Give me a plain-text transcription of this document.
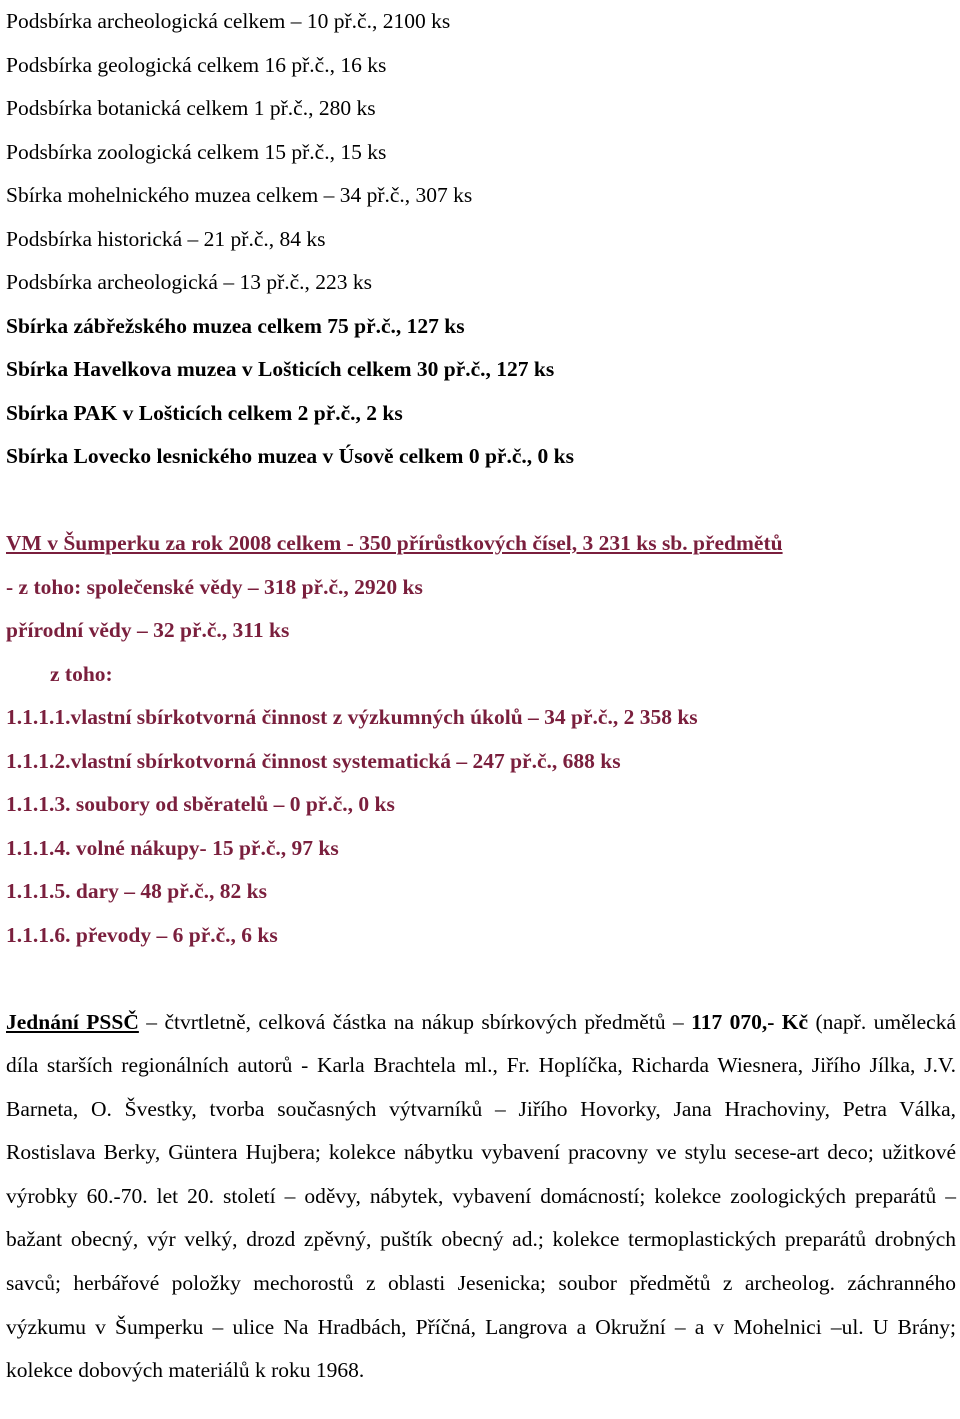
Podsbírka archeologická celkem – 10 př.č., 2100 ks
Podsbírka geologická celkem 16 př.č., 16 ks
Podsbírka botanická celkem 1 př.č., 280 ks
Podsbírka zoologická celkem 15 př.č., 15 ks
Sbírka mohelnického muzea celkem – 34 př.č., 307 ks
Podsbírka historická – 21 př.č., 84 ks
Podsbírka archeologická – 13 př.č., 223 ks
Sbírka zábřežského muzea celkem 75 př.č., 127 ks
Sbírka Havelkova muzea v Lošticích celkem 30 př.č., 127 ks
Sbírka PAK v Lošticích celkem 2 př.č., 2 ks
Sbírka Lovecko lesnického muzea v Úsově celkem 0 př.č., 0 ks
VM v Šumperku za rok 2008 celkem - 350 přírůstkových čísel, 3 231 ks sb. předmětů
- z toho: společenské vědy – 318 př.č., 2920 ks
přírodní vědy – 32 př.č., 311 ks
z toho:
1.1.1.1.vlastní sbírkotvorná činnost z výzkumných úkolů – 34 př.č., 2 358 ks
1.1.1.2.vlastní sbírkotvorná činnost systematická – 247 př.č., 688 ks
1.1.1.3. soubory od sběratelů – 0 př.č., 0 ks
1.1.1.4. volné nákupy- 15 př.č., 97 ks
1.1.1.5. dary – 48 př.č., 82 ks
1.1.1.6. převody – 6 př.č., 6 ks
Jednání PSSČ – čtvrtletně, celková částka na nákup sbírkových předmětů – 117 070,- Kč (např. umělecká díla starších regionálních autorů - Karla Brachtela ml., Fr. Hoplíčka, Richarda Wiesnera, Jiřího Jílka, J.V. Barneta, O. Švestky, tvorba současných výtvarníků – Jiřího Hovorky, Jana Hrachoviny, Petra Válka, Rostislava Berky, Güntera Hujbera; kolekce nábytku vybavení pracovny ve stylu secese-art deco; užitkové výrobky 60.-70. let 20. století – oděvy, nábytek, vybavení domácností; kolekce zoologických preparátů – bažant obecný, výr velký, drozd zpěvný, puštík obecný ad.; kolekce termoplastických preparátů drobných savců; herbářové položky mechorostů z oblasti Jesenicka; soubor předmětů z archeolog. záchranného výzkumu v Šumperku – ulice Na Hradbách, Příčná, Langrova a Okružní – a v Mohelnici –ul. U Brány; kolekce dobových materiálů k roku 1968.
